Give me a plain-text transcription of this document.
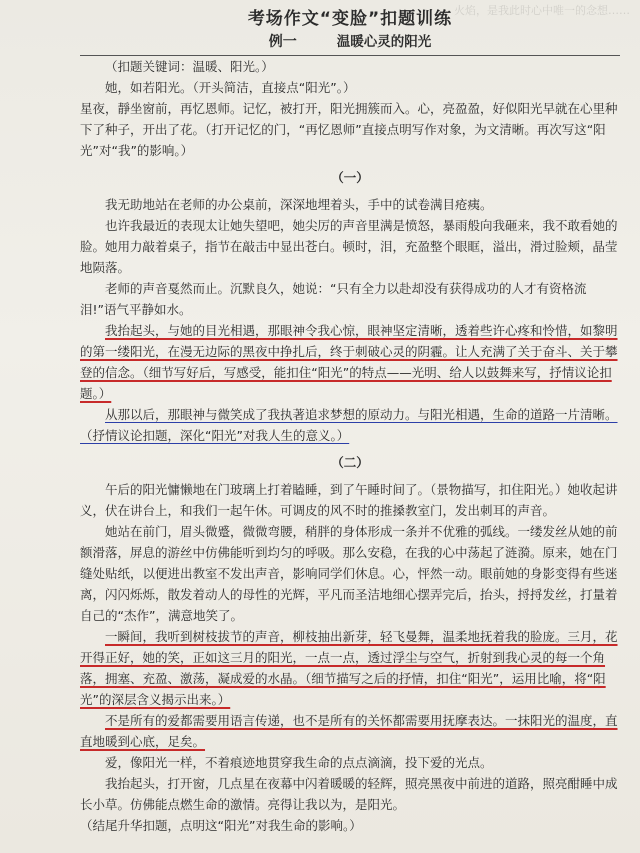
火焰，是我此时心中唯一的念想……
考场作文“变脸”扣题训练
例一	温暖心灵的阳光

（扣题关键词：温暖、阳光。）

她，如若阳光。（开头简洁，直接点“阳光”。）

星夜，靜坐窗前，再忆恩师。记忆，被打开，阳光拥簇而入。心，亮盈盈，好似阳光早就在心里种下了种子，开出了花。（打开记忆的门，“再忆恩师”直接点明写作对象，为文清晰。再次写这“阳光”对“我”的影响。）

（一）

我无助地站在老师的办公桌前，深深地埋着头，手中的试卷满目疮痍。

也许我最近的表现太让她失望吧，她尖厉的声音里满是愤怒，暴雨般向我砸来，我不敢看她的脸。她用力敲着桌子，指节在敲击中显出苍白。顿时，泪，充盈整个眼眶，溢出，滑过脸颊，晶莹地陨落。

老师的声音戛然而止。沉默良久，她说：“只有全力以赴却没有获得成功的人才有资格流泪!”语气平静如水。

我抬起头，与她的目光相遇，那眼神令我心惊，眼神坚定清晰，透着些许心疼和怜惜，如黎明的第一缕阳光，在漫无边际的黑夜中挣扎后，终于刺破心灵的阴霾。让人充满了关于奋斗、关于攀登的信念。（细节写好后，写感受，能扣住“阳光”的特点——光明、给人以鼓舞来写，抒情议论扣题。）

从那以后，那眼神与微笑成了我执著追求梦想的原动力。与阳光相遇，生命的道路一片清晰。（抒情议论扣题，深化“阳光”对我人生的意义。）

（二）

午后的阳光慵懒地在门玻璃上打着瞌睡，到了午睡时间了。（景物描写，扣住阳光。）她收起讲义，伏在讲台上，和我们一起午休。可调皮的风不时的推搡教室门，发出刺耳的声音。

她站在前门，眉头微蹙，微微弯腰，稍胖的身体形成一条并不优雅的弧线。一缕发丝从她的前额滑落，屏息的游丝中仿佛能听到均匀的呼吸。那么安稳，在我的心中荡起了涟漪。原来，她在门缝处贴纸，以便进出教室不发出声音，影响同学们休息。心，怦然一动。眼前她的身影变得有些迷离，闪闪烁烁，散发着动人的母性的光辉，平凡而圣洁地细心摆弄完后，抬头，捋捋发丝，打量着自己的“杰作”，满意地笑了。

一瞬间，我听到树枝拔节的声音，柳枝抽出新芽，轻飞曼舞，温柔地抚着我的脸庞。三月，花开得正好，她的笑，正如这三月的阳光，一点一点，透过浮尘与空气，折射到我心灵的每一个角落，拥塞、充盈、激荡，凝成爱的水晶。（细节描写之后的抒情，扣住“阳光”，运用比喻，将“阳光”的深层含义揭示出来。）

不是所有的爱都需要用语言传递，也不是所有的关怀都需要用抚摩表达。一抹阳光的温度，直直地暖到心底，足矣。

爱，像阳光一样，不着痕迹地贯穿我生命的点点滴滴，投下爱的光点。

我抬起头，打开窗，几点星在夜幕中闪着暖暖的轻辉，照亮黑夜中前进的道路，照亮酣睡中成长小草。仿佛能点燃生命的激情。亮得让我以为，是阳光。

（结尾升华扣题，点明这“阳光”对我生命的影响。）
